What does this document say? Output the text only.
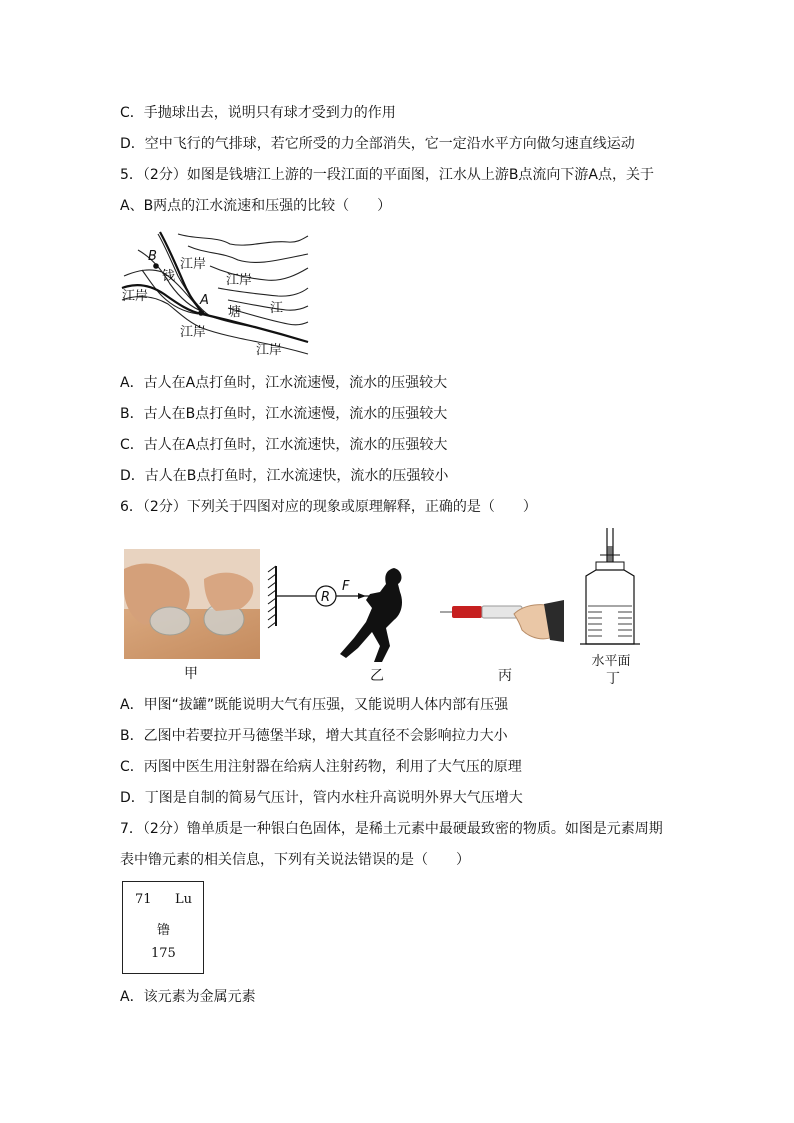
C．手抛球出去，说明只有球才受到力的作用
D．空中飞行的气排球，若它所受的力全部消失，它一定沿水平方向做匀速直线运动
5．（2分）如图是钱塘江上游的一段江面的平面图，江水从上游B点流向下游A点，关于
A、B两点的江水流速和压强的比较（　　）
B
A
江岸
江岸
钱
江岸
塘 江
江岸
江岸
A．古人在A点打鱼时，江水流速慢，流水的压强较大
B．古人在B点打鱼时，江水流速慢，流水的压强较大
C．古人在A点打鱼时，江水流速快，流水的压强较大
D．古人在B点打鱼时，江水流速快，流水的压强较小
6．（2分）下列关于四图对应的现象或原理解释，正确的是（　　）
甲
R
F
乙	丙
水平面
丁
A．甲图“拔罐”既能说明大气有压强，又能说明人体内部有压强
B．乙图中若要拉开马德堡半球，增大其直径不会影响拉力大小
C．丙图中医生用注射器在给病人注射药物，利用了大气压的原理
D．丁图是自制的简易气压计，管内水柱升高说明外界大气压增大
7．（2分）镥单质是一种银白色固体，是稀土元素中最硬最致密的物质。如图是元素周期
表中镥元素的相关信息，下列有关说法错误的是（　　）
71 Lu
镥
175
A．该元素为金属元素
